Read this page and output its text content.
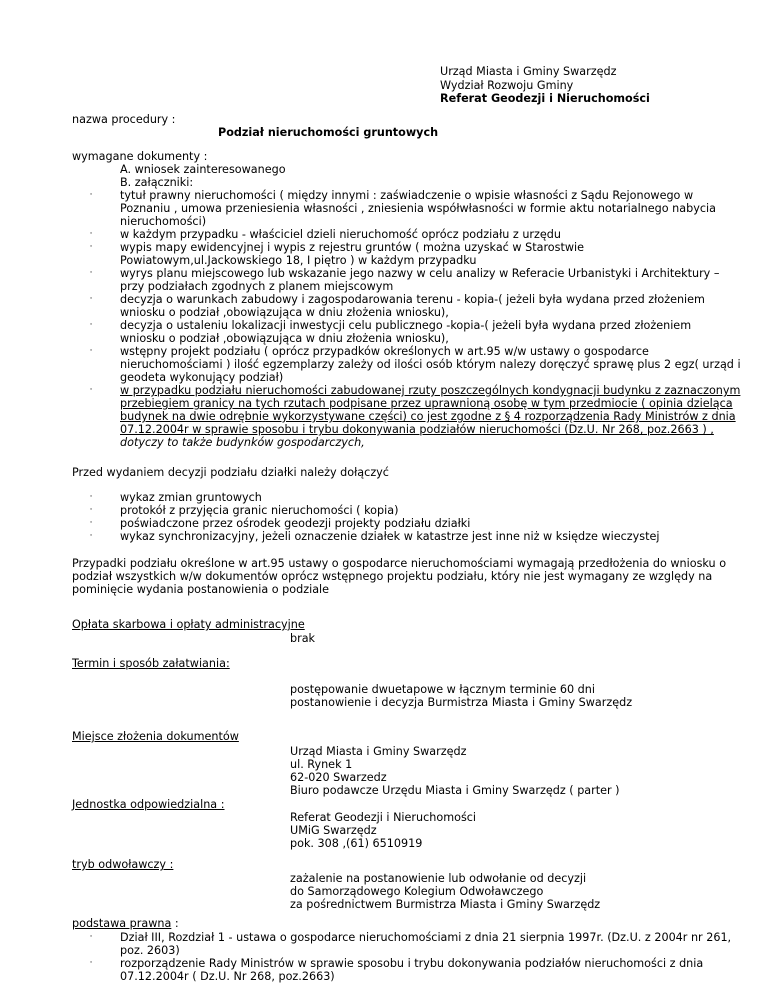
Urząd Miasta i Gminy Swarzędz
Wydział Rozwoju Gminy
Referat Geodezji i Nieruchomości
nazwa procedury :
Podział nieruchomości gruntowych
wymagane dokumenty :
A. wniosek zainteresowanego
B. załączniki:
·	tytuł prawny nieruchomości ( między innymi : zaświadczenie o wpisie własności z Sądu Rejonowego w
Poznaniu , umowa przeniesienia własności , zniesienia współwłasności w formie aktu notarialnego nabycia
nieruchomości)
·	w każdym przypadku - właściciel dzieli nieruchomość oprócz podziału z urzędu
·	wypis mapy ewidencyjnej i wypis z rejestru gruntów ( można uzyskać w Starostwie
Powiatowym,ul.Jackowskiego 18, I piętro ) w każdym przypadku
·	wyrys planu miejscowego lub wskazanie jego nazwy w celu analizy w Referacie Urbanistyki i Architektury –
przy podziałach zgodnych z planem miejscowym
·	decyzja o warunkach zabudowy i zagospodarowania terenu - kopia-( jeżeli była wydana przed złożeniem
wniosku o podział ,obowiązująca w dniu złożenia wniosku),
·	decyzja o ustaleniu lokalizacji inwestycji celu publicznego -kopia-( jeżeli była wydana przed złożeniem
wniosku o podział ,obowiązująca w dniu złożenia wniosku),
·	wstępny projekt podziału ( oprócz przypadków określonych w art.95 w/w ustawy o gospodarce
nieruchomościami ) ilość egzemplarzy zależy od ilości osób którym nalezy doręczyć sprawę plus 2 egz( urząd i
geodeta wykonujący podział)
·	w przypadku podziału nieruchomości zabudowanej rzuty poszczególnych kondygnacji budynku z zaznaczonym
przebiegiem granicy na tych rzutach podpisane przez uprawnioną osobę w tym przedmiocie ( opinia dzieląca
budynek na dwie odrębnie wykorzystywane części) co jest zgodne z § 4 rozporządzenia Rady Ministrów z dnia
07.12.2004r w sprawie sposobu i trybu dokonywania podziałów nieruchomości (Dz.U. Nr 268, poz.2663 ) ,
dotyczy to także budynków gospodarczych,
Przed wydaniem decyzji podziału działki należy dołączyć
·	wykaz zmian gruntowych
·	protokół z przyjęcia granic nieruchomości ( kopia)
·	poświadczone przez ośrodek geodezji projekty podziału działki
·	wykaz synchronizacyjny, jeżeli oznaczenie działek w katastrze jest inne niż w księdze wieczystej
Przypadki podziału określone w art.95 ustawy o gospodarce nieruchomościami wymagają przedłożenia do wniosku o
podział wszystkich w/w dokumentów oprócz wstępnego projektu podziału, który nie jest wymagany ze względy na
pominięcie wydania postanowienia o podziale
Opłata skarbowa i opłaty administracyjne
brak
Termin i sposób załatwiania:
postępowanie dwuetapowe w łącznym terminie 60 dni
postanowienie i decyzja Burmistrza Miasta i Gminy Swarzędz
Miejsce złożenia dokumentów
Urząd Miasta i Gminy Swarzędz
ul. Rynek 1
62-020 Swarzedz
Biuro podawcze Urzędu Miasta i Gminy Swarzędz ( parter )
Jednostka odpowiedzialna :
Referat Geodezji i Nieruchomości
UMiG Swarzędz
pok. 308 ,(61) 6510919
tryb odwoławczy :
zażalenie na postanowienie lub odwołanie od decyzji
do Samorządowego Kolegium Odwoławczego
za pośrednictwem Burmistrza Miasta i Gminy Swarzędz
podstawa prawna :
·	Dział III, Rozdział 1 - ustawa o gospodarce nieruchomościami z dnia 21 sierpnia 1997r. (Dz.U. z 2004r nr 261,
poz. 2603)
·	rozporządzenie Rady Ministrów w sprawie sposobu i trybu dokonywania podziałów nieruchomości z dnia
07.12.2004r ( Dz.U. Nr 268, poz.2663)
